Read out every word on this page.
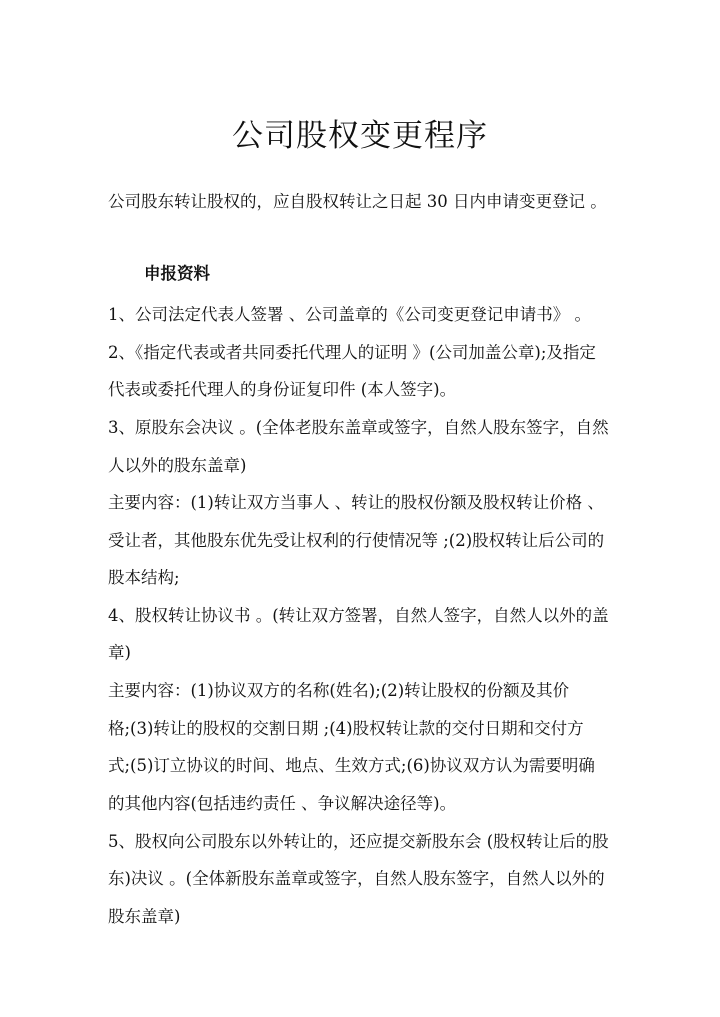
公司股权变更程序

公司股东转让股权的，应自股权转让之日起 30 日内申请变更登记 。

申报资料

1、公司法定代表人签署 、公司盖章的《公司变更登记申请书》 。

2、《指定代表或者共同委托代理人的证明 》(公司加盖公章);及指定

代表或委托代理人的身份证复印件 (本人签字)。

3、原股东会决议 。(全体老股东盖章或签字，自然人股东签字，自然

人以外的股东盖章)

主要内容：(1)转让双方当事人 、转让的股权份额及股权转让价格 、

受让者，其他股东优先受让权利的行使情况等 ;(2)股权转让后公司的

股本结构;

4、股权转让协议书 。(转让双方签署，自然人签字，自然人以外的盖

章)

主要内容：(1)协议双方的名称(姓名);(2)转让股权的份额及其价

格;(3)转让的股权的交割日期 ;(4)股权转让款的交付日期和交付方

式;(5)订立协议的时间、地点、生效方式;(6)协议双方认为需要明确

的其他内容(包括违约责任 、争议解决途径等)。

5、股权向公司股东以外转让的，还应提交新股东会 (股权转让后的股

东)决议 。(全体新股东盖章或签字，自然人股东签字，自然人以外的

股东盖章)
